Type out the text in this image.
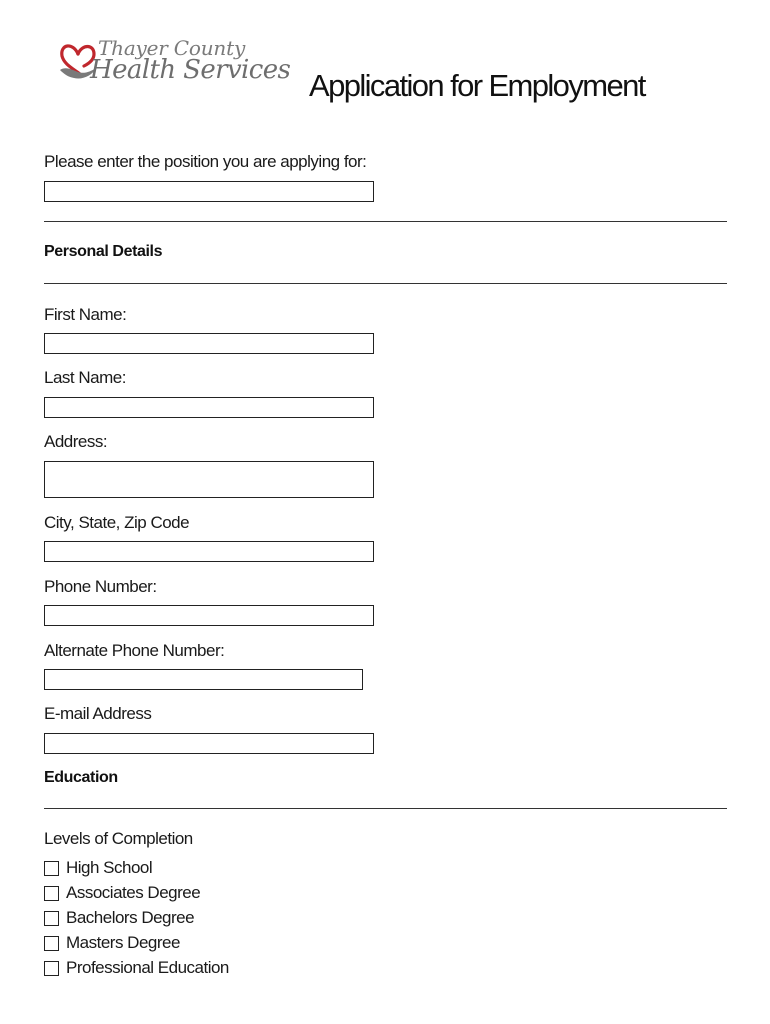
Thayer County
Health Services Application for Employment
Please enter the position you are applying for:
Personal Details
First Name:
Last Name:
Address:
City, State, Zip Code
Phone Number:
Alternate Phone Number:
E-mail Address
Education
Levels of Completion
High School
Associates Degree
Bachelors Degree
Masters Degree
Professional Education
